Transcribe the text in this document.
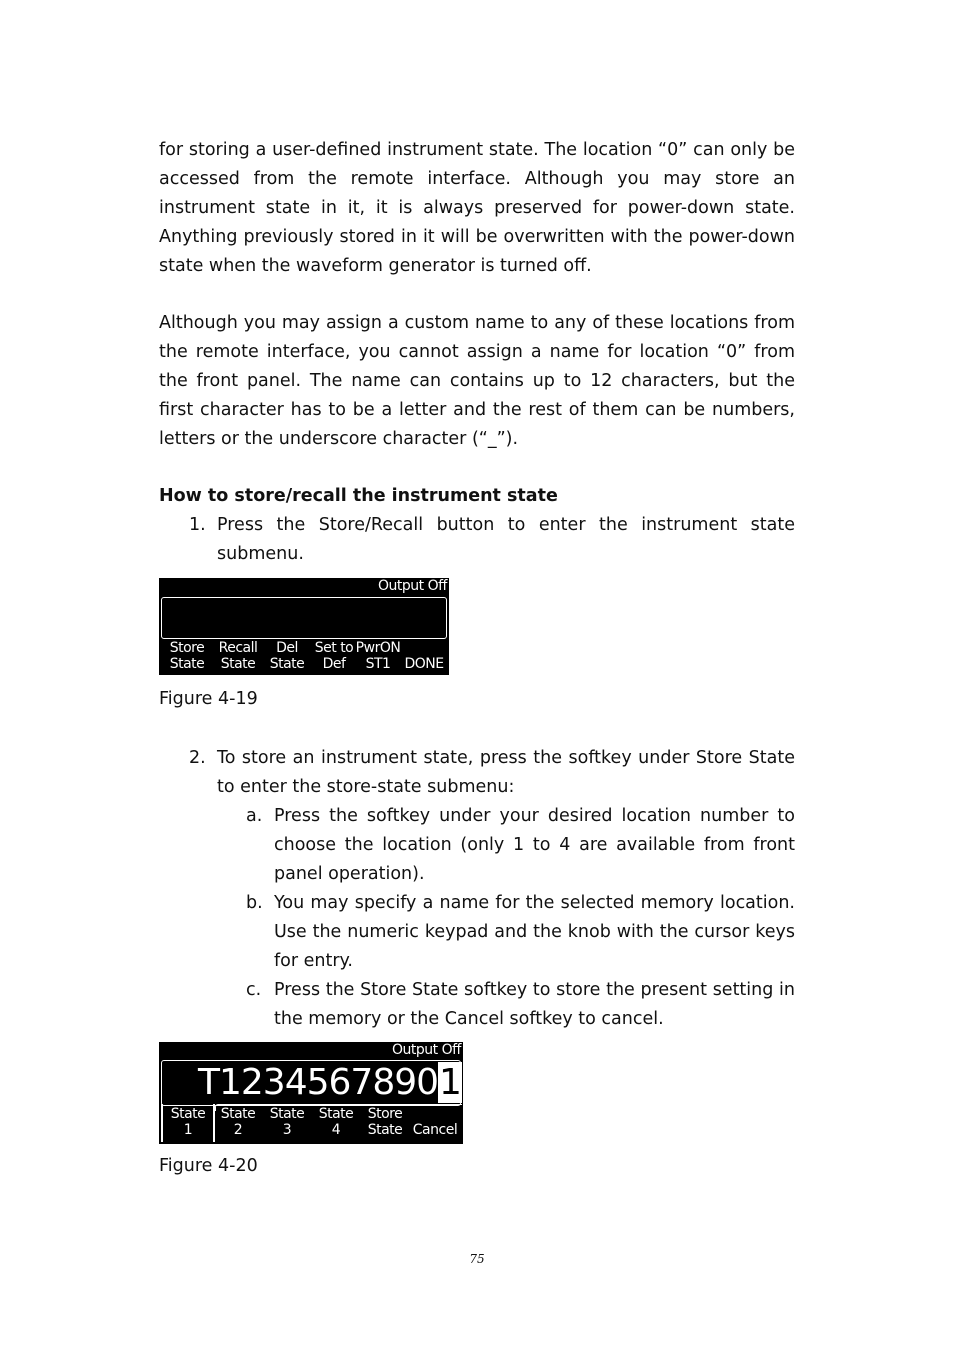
for storing a user-defined instrument state. The location “0” can only be accessed from the remote interface. Although you may store an instrument state in it, it is always preserved for power-down state. Anything previously stored in it will be overwritten with the power-down state when the waveform generator is turned off.

Although you may assign a custom name to any of these locations from the remote interface, you cannot assign a name for location “0” from the front panel. The name can contains up to 12 characters, but the first character has to be a letter and the rest of them can be numbers, letters or the underscore character (“_”).

How to store/recall the instrument state
1. Press the Store/Recall button to enter the instrument state submenu.
Output Off
Store
State
Recall
State
Del
State
Set to
Def
PwrON
ST1
	DONE

Figure 4-19

2. To store an instrument state, press the softkey under Store State to enter the store-state submenu:
a. Press the softkey under your desired location number to choose the location (only 1 to 4 are available from front panel operation).
b. You may specify a name for the selected memory location. Use the numeric keypad and the knob with the cursor keys for entry.
c. Press the Store State softkey to store the present setting in the memory or the Cancel softkey to cancel.
Output Off
T12345678901
State
1
State
2
State
3
State
4
Store
State
Cancel

Figure 4-20

75
